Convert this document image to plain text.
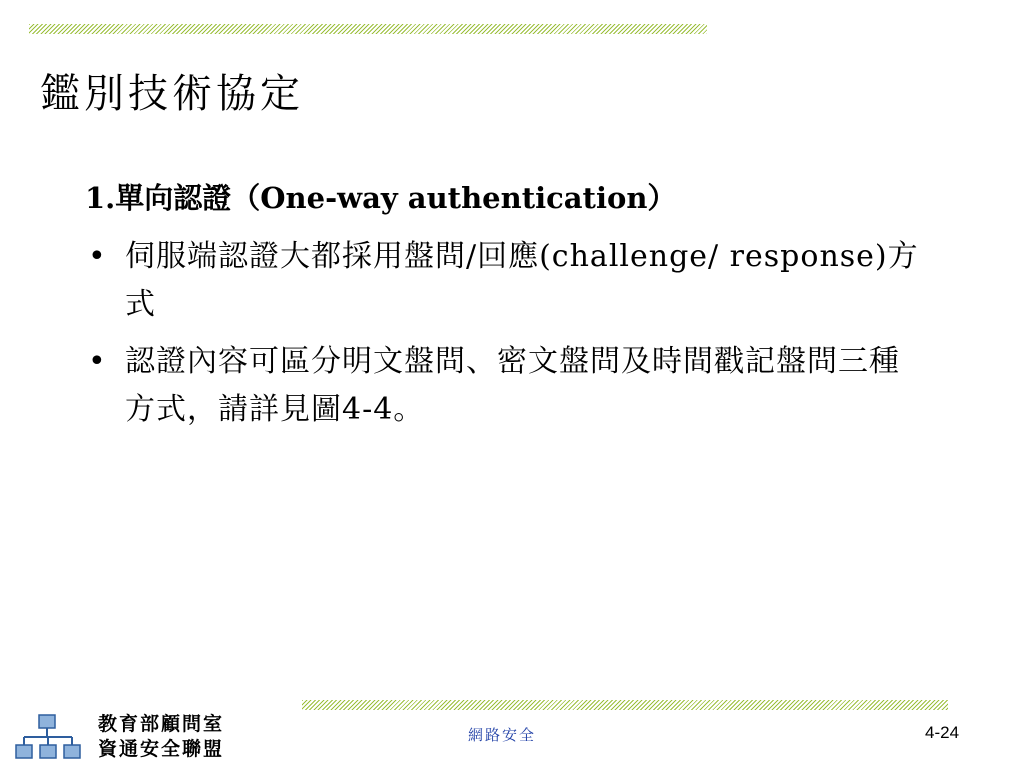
鑑別技術協定
1.單向認證（One-way authentication）
• 伺服端認證大都採用盤問/回應(challenge/ response)方式
• 認證內容可區分明文盤問、密文盤問及時間戳記盤問三種方式，請詳見圖4-4。
教育部顧問室
資通安全聯盟
網路安全	4-24
